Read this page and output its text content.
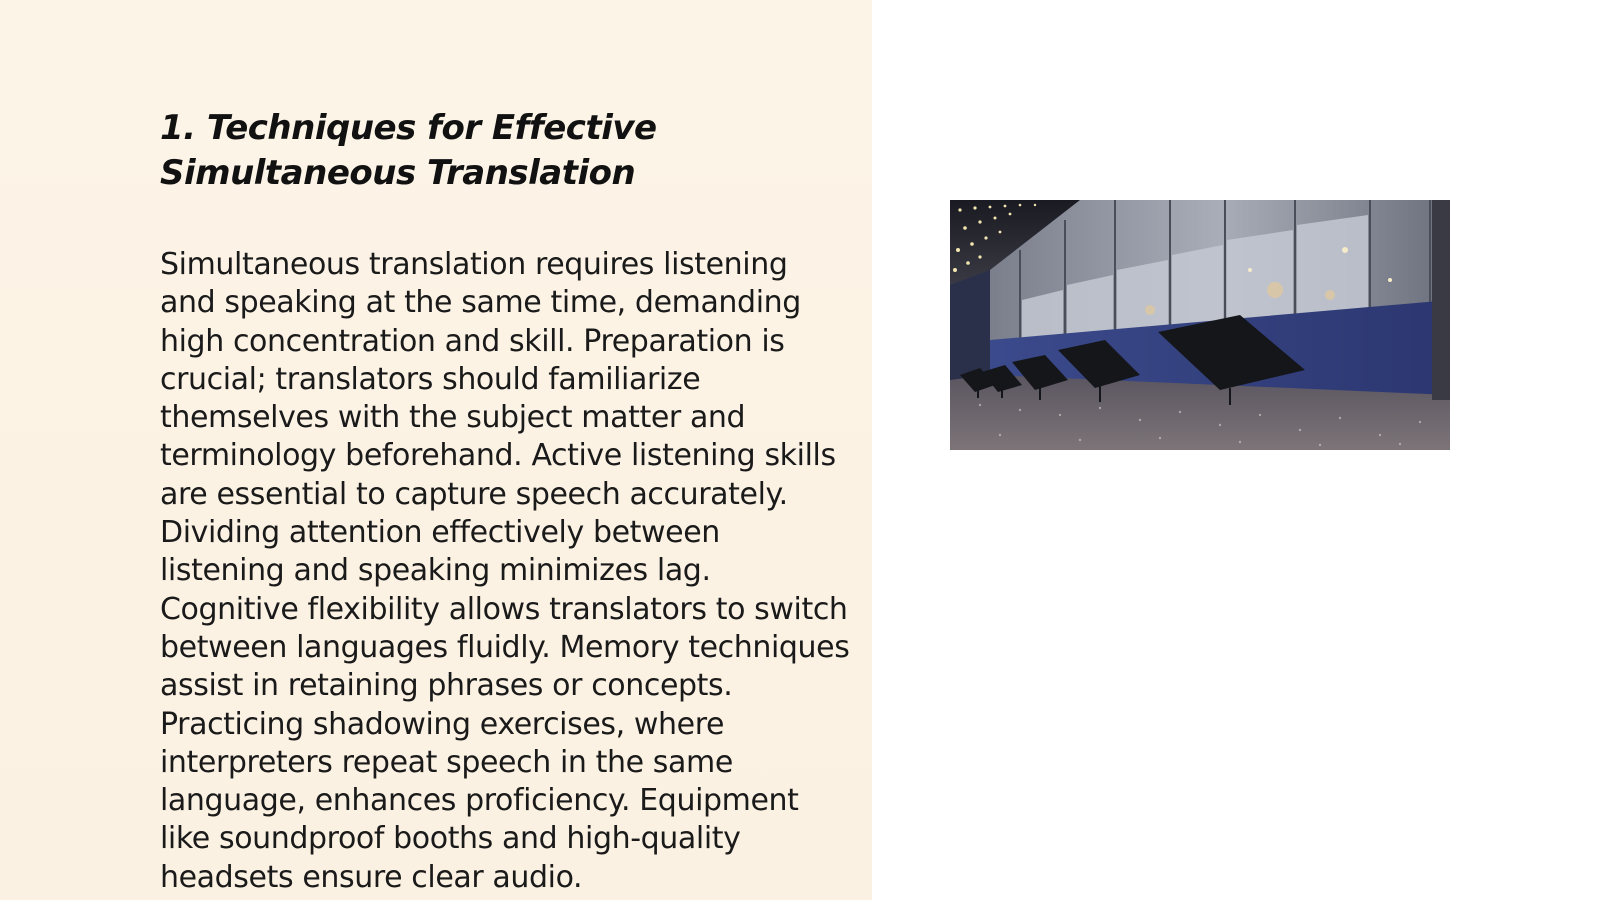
1. Techniques for Effective Simultaneous Translation

Simultaneous translation requires listening and speaking at the same time, demanding high concentration and skill. Preparation is crucial; translators should familiarize themselves with the subject matter and terminology beforehand. Active listening skills are essential to capture speech accurately. Dividing attention effectively between listening and speaking minimizes lag. Cognitive flexibility allows translators to switch between languages fluidly. Memory techniques assist in retaining phrases or concepts. Practicing shadowing exercises, where interpreters repeat speech in the same language, enhances proficiency. Equipment like soundproof booths and high-quality headsets ensure clear audio.
